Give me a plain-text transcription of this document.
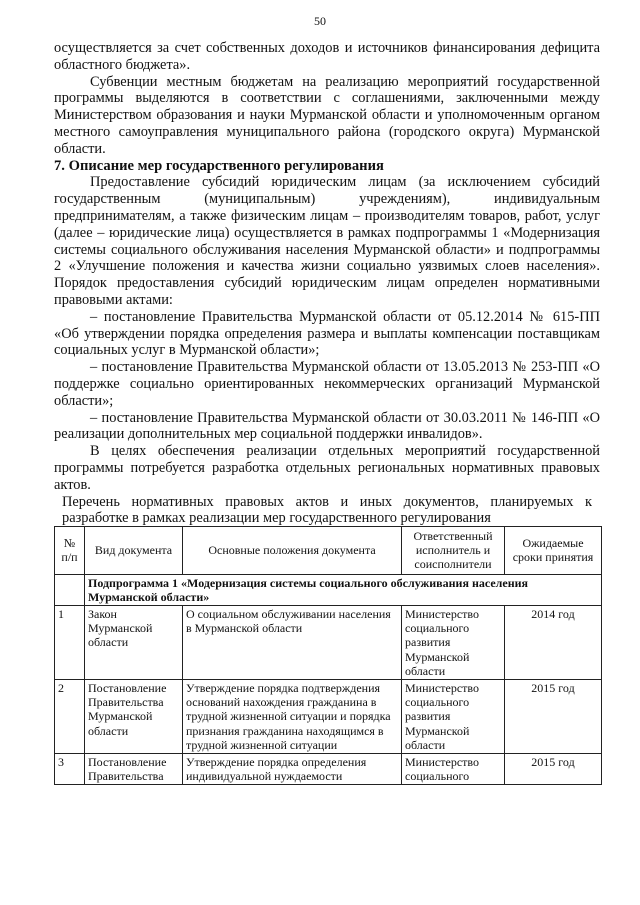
50

осуществляется за счет собственных доходов и источников финансирования дефицита областного бюджета».

Субвенции местным бюджетам на реализацию мероприятий государственной программы выделяются в соответствии с соглашениями, заключенными между Министерством образования и науки Мурманской области и уполномоченным органом местного самоуправления муниципального района (городского округа) Мурманской области.

7. Описание мер государственного регулирования

Предоставление субсидий юридическим лицам (за исключением субсидий государственным (муниципальным) учреждениям), индивидуальным предпринимателям, а также физическим лицам – производителям товаров, работ, услуг (далее – юридические лица) осуществляется в рамках подпрограммы 1 «Модернизация системы социального обслуживания населения Мурманской области» и подпрограммы 2 «Улучшение положения и качества жизни социально уязвимых слоев населения». Порядок предоставления субсидий юридическим лицам определен нормативными правовыми актами:

– постановление Правительства Мурманской области от 05.12.2014 № 615-ПП «Об утверждении порядка определения размера и выплаты компенсации поставщикам социальных услуг в Мурманской области»;

– постановление Правительства Мурманской области от 13.05.2013 № 253-ПП «О поддержке социально ориентированных некоммерческих организаций Мурманской области»;

– постановление Правительства Мурманской области от 30.03.2011 № 146-ПП «О реализации дополнительных мер социальной поддержки инвалидов».

В целях обеспечения реализации отдельных мероприятий государственной программы потребуется разработка отдельных региональных нормативных правовых актов.

Перечень нормативных правовых актов и иных документов, планируемых к разработке в рамках реализации мер государственного регулирования

№ п/п	Вид документа	Основные положения документа	Ответственный исполнитель и соисполнители	Ожидаемые сроки принятия
	Подпрограмма 1 «Модернизация системы социального обслуживания населения Мурманской области»			
1	Закон Мурманской области	О социальном обслуживании населения в Мурманской области	Министерство социального развития Мурманской области	2014 год
2	Постановление Правительства Мурманской области	Утверждение порядка подтверждения оснований нахождения гражданина в трудной жизненной ситуации и порядка признания гражданина находящимся в трудной жизненной ситуации	Министерство социального развития Мурманской области	2015 год
3	Постановление Правительства	Утверждение порядка определения индивидуальной нуждаемости	Министерство социального	2015 год
